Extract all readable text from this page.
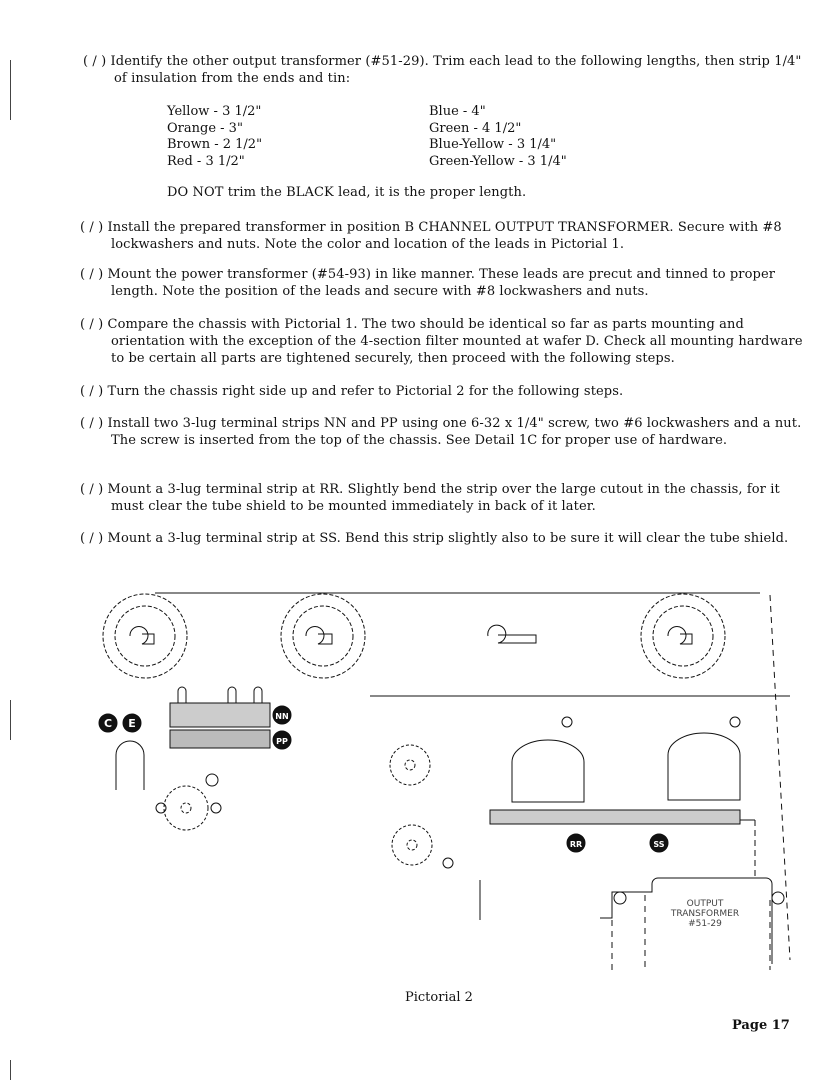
( / ) Identify the other output transformer (#51-29). Trim each lead to the following lengths, then strip 1/4" of insulation from the ends and tin:
Yellow - 3 1/2"
Orange - 3"
Brown - 2 1/2"
Red - 3 1/2"
Blue - 4"
Green - 4 1/2"
Blue-Yellow - 3 1/4"
Green-Yellow - 3 1/4"
DO NOT trim the BLACK lead, it is the proper length.
( / ) Install the prepared transformer in position B CHANNEL OUTPUT TRANSFORMER. Secure with #8 lockwashers and nuts. Note the color and location of the leads in Pictorial 1.
( / ) Mount the power transformer (#54-93) in like manner. These leads are precut and tinned to proper length. Note the position of the leads and secure with #8 lockwashers and nuts.
( / ) Compare the chassis with Pictorial 1. The two should be identical so far as parts mounting and orientation with the exception of the 4-section filter mounted at wafer D. Check all mounting hardware to be certain all parts are tightened securely, then proceed with the following steps.
( / ) Turn the chassis right side up and refer to Pictorial 2 for the following steps.
( / ) Install two 3-lug terminal strips NN and PP using one 6-32 x 1/4" screw, two #6 lockwashers and a nut. The screw is inserted from the top of the chassis. See Detail 1C for proper use of hardware.
( / ) Mount a 3-lug terminal strip at RR. Slightly bend the strip over the large cutout in the chassis, for it must clear the tube shield to be mounted immediately in back of it later.
( / ) Mount a 3-lug terminal strip at SS. Bend this strip slightly also to be sure it will clear the tube shield.
C E
NN
PP
RR	SS
OUTPUT
TRANSFORMER
#51-29
Pictorial 2
Page 17
